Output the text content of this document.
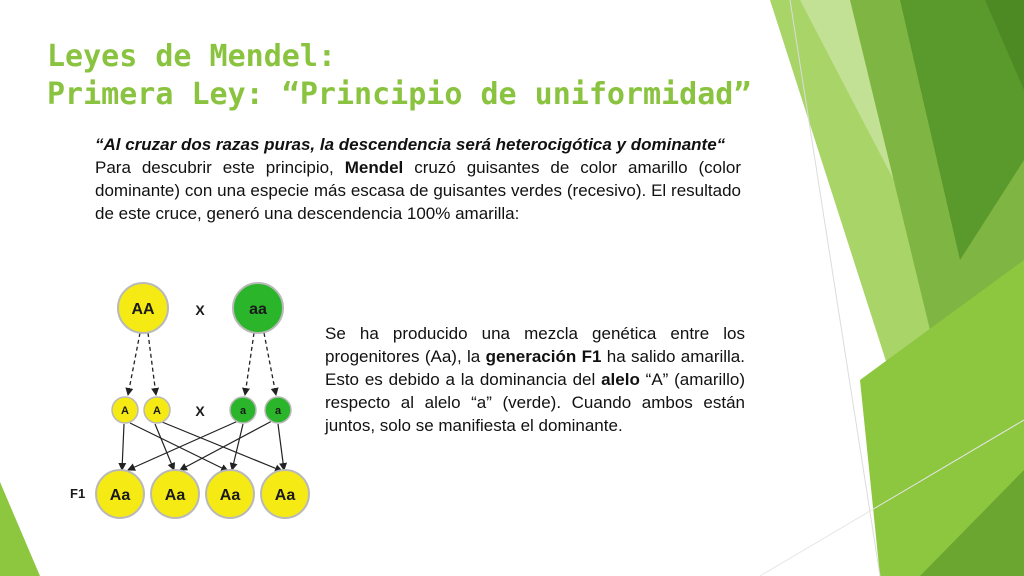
Leyes de Mendel:
Primera Ley: “Principio de uniformidad”

“Al cruzar dos razas puras, la descendencia será heterocigótica y dominante“

Para descubrir este principio, Mendel cruzó guisantes de color amarillo (color dominante) con una especie más escasa de guisantes verdes (recesivo). El resultado de este cruce, generó una descendencia 100% amarilla:

AA	X	aa
A A X	a	a
F1 Aa Aa Aa Aa

Se ha producido una mezcla genética entre los progenitores (Aa), la generación F1 ha salido amarilla. Esto es debido a la dominancia del alelo “A” (amarillo) respecto al alelo “a” (verde). Cuando ambos están juntos, solo se manifiesta el dominante.
